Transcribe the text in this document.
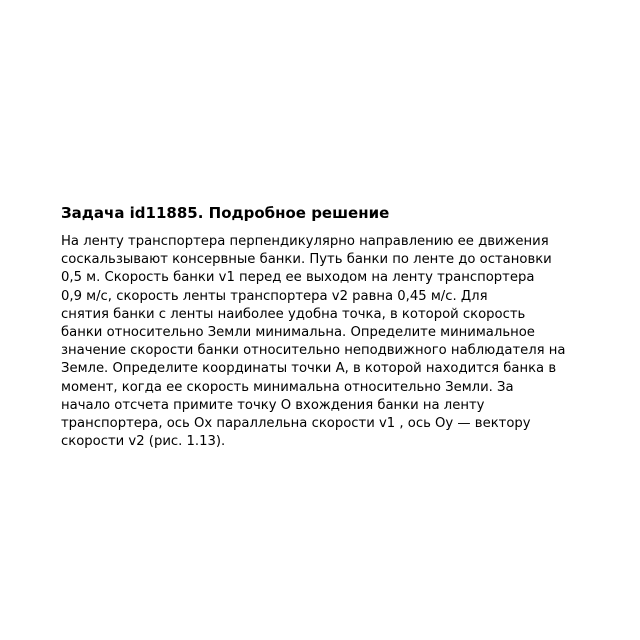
Задача id11885. Подробное решение

На ленту транспортера перпендикулярно направлению ее движения
соскальзывают консервные банки. Путь банки по ленте до остановки
0,5 м. Скорость банки v1 перед ее выходом на ленту транспортера
0,9 м/с, скорость ленты транспортера v2 равна 0,45 м/с. Для
снятия банки с ленты наиболее удобна точка, в которой скорость
банки относительно Земли минимальна. Определите минимальное
значение скорости банки относительно неподвижного наблюдателя на
Земле. Определите координаты точки А, в которой находится банка в
момент, когда ее скорость минимальна относительно Земли. За
начало отсчета примите точку О вхождения банки на ленту
транспортера, ось Ох параллельна скорости v1 , ось Оу — вектору
скорости v2 (рис. 1.13).
